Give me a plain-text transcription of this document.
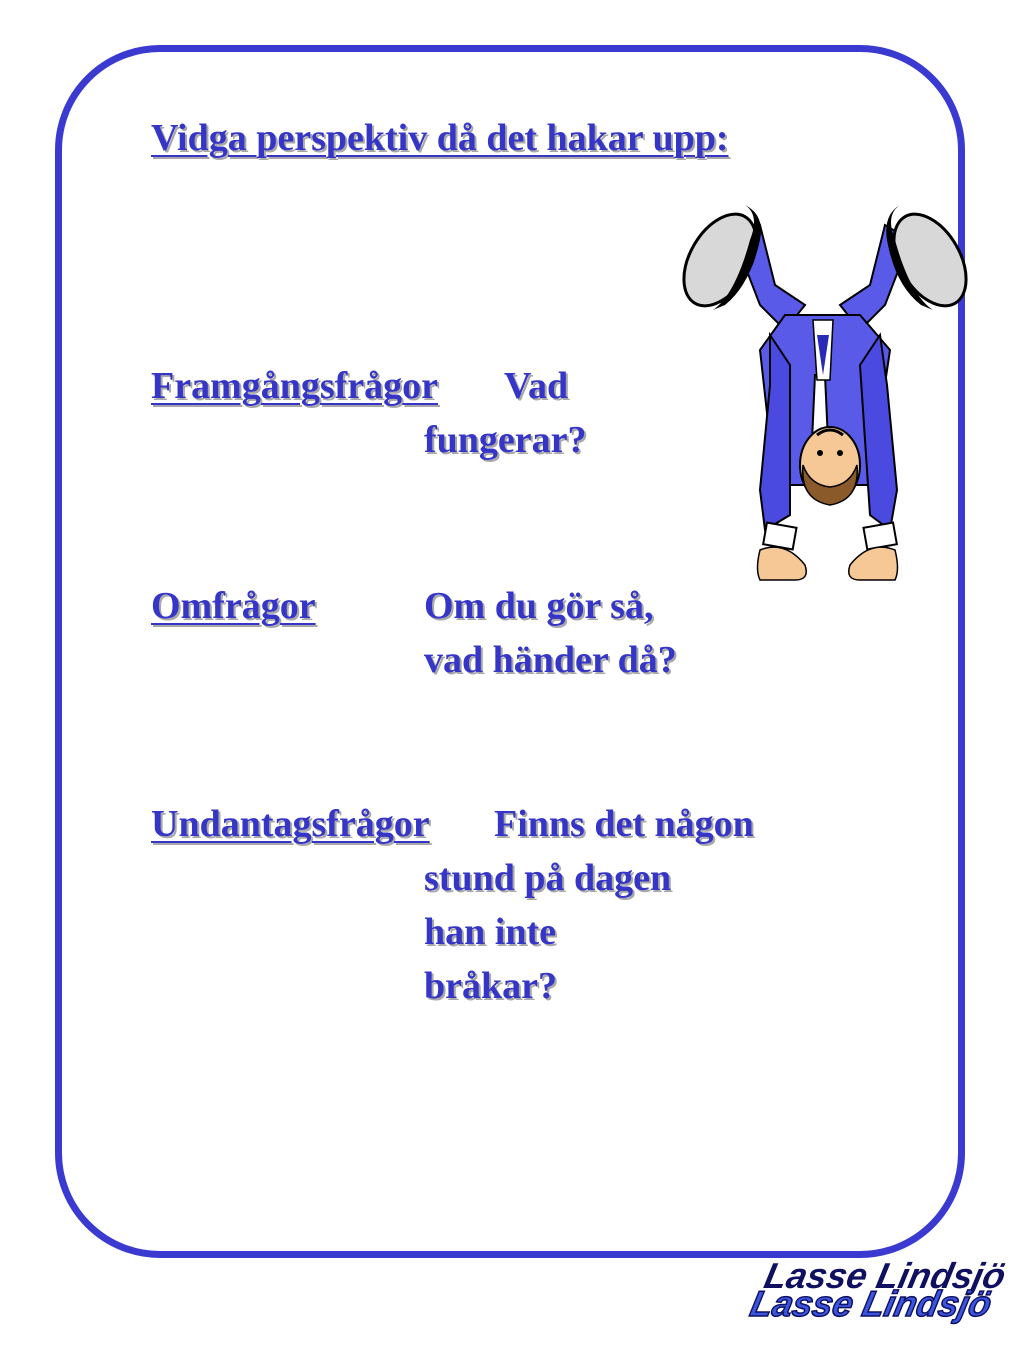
Vidga perspektiv då det hakar upp:
Framgångsfrågor Vad
fungerar?
Omfrågor	Om du gör så,
vad händer då?
Undantagsfrågor Finns det någon
stund på dagen
han inte
bråkar?
Lasse Lindsjö
Lasse Lindsjö
